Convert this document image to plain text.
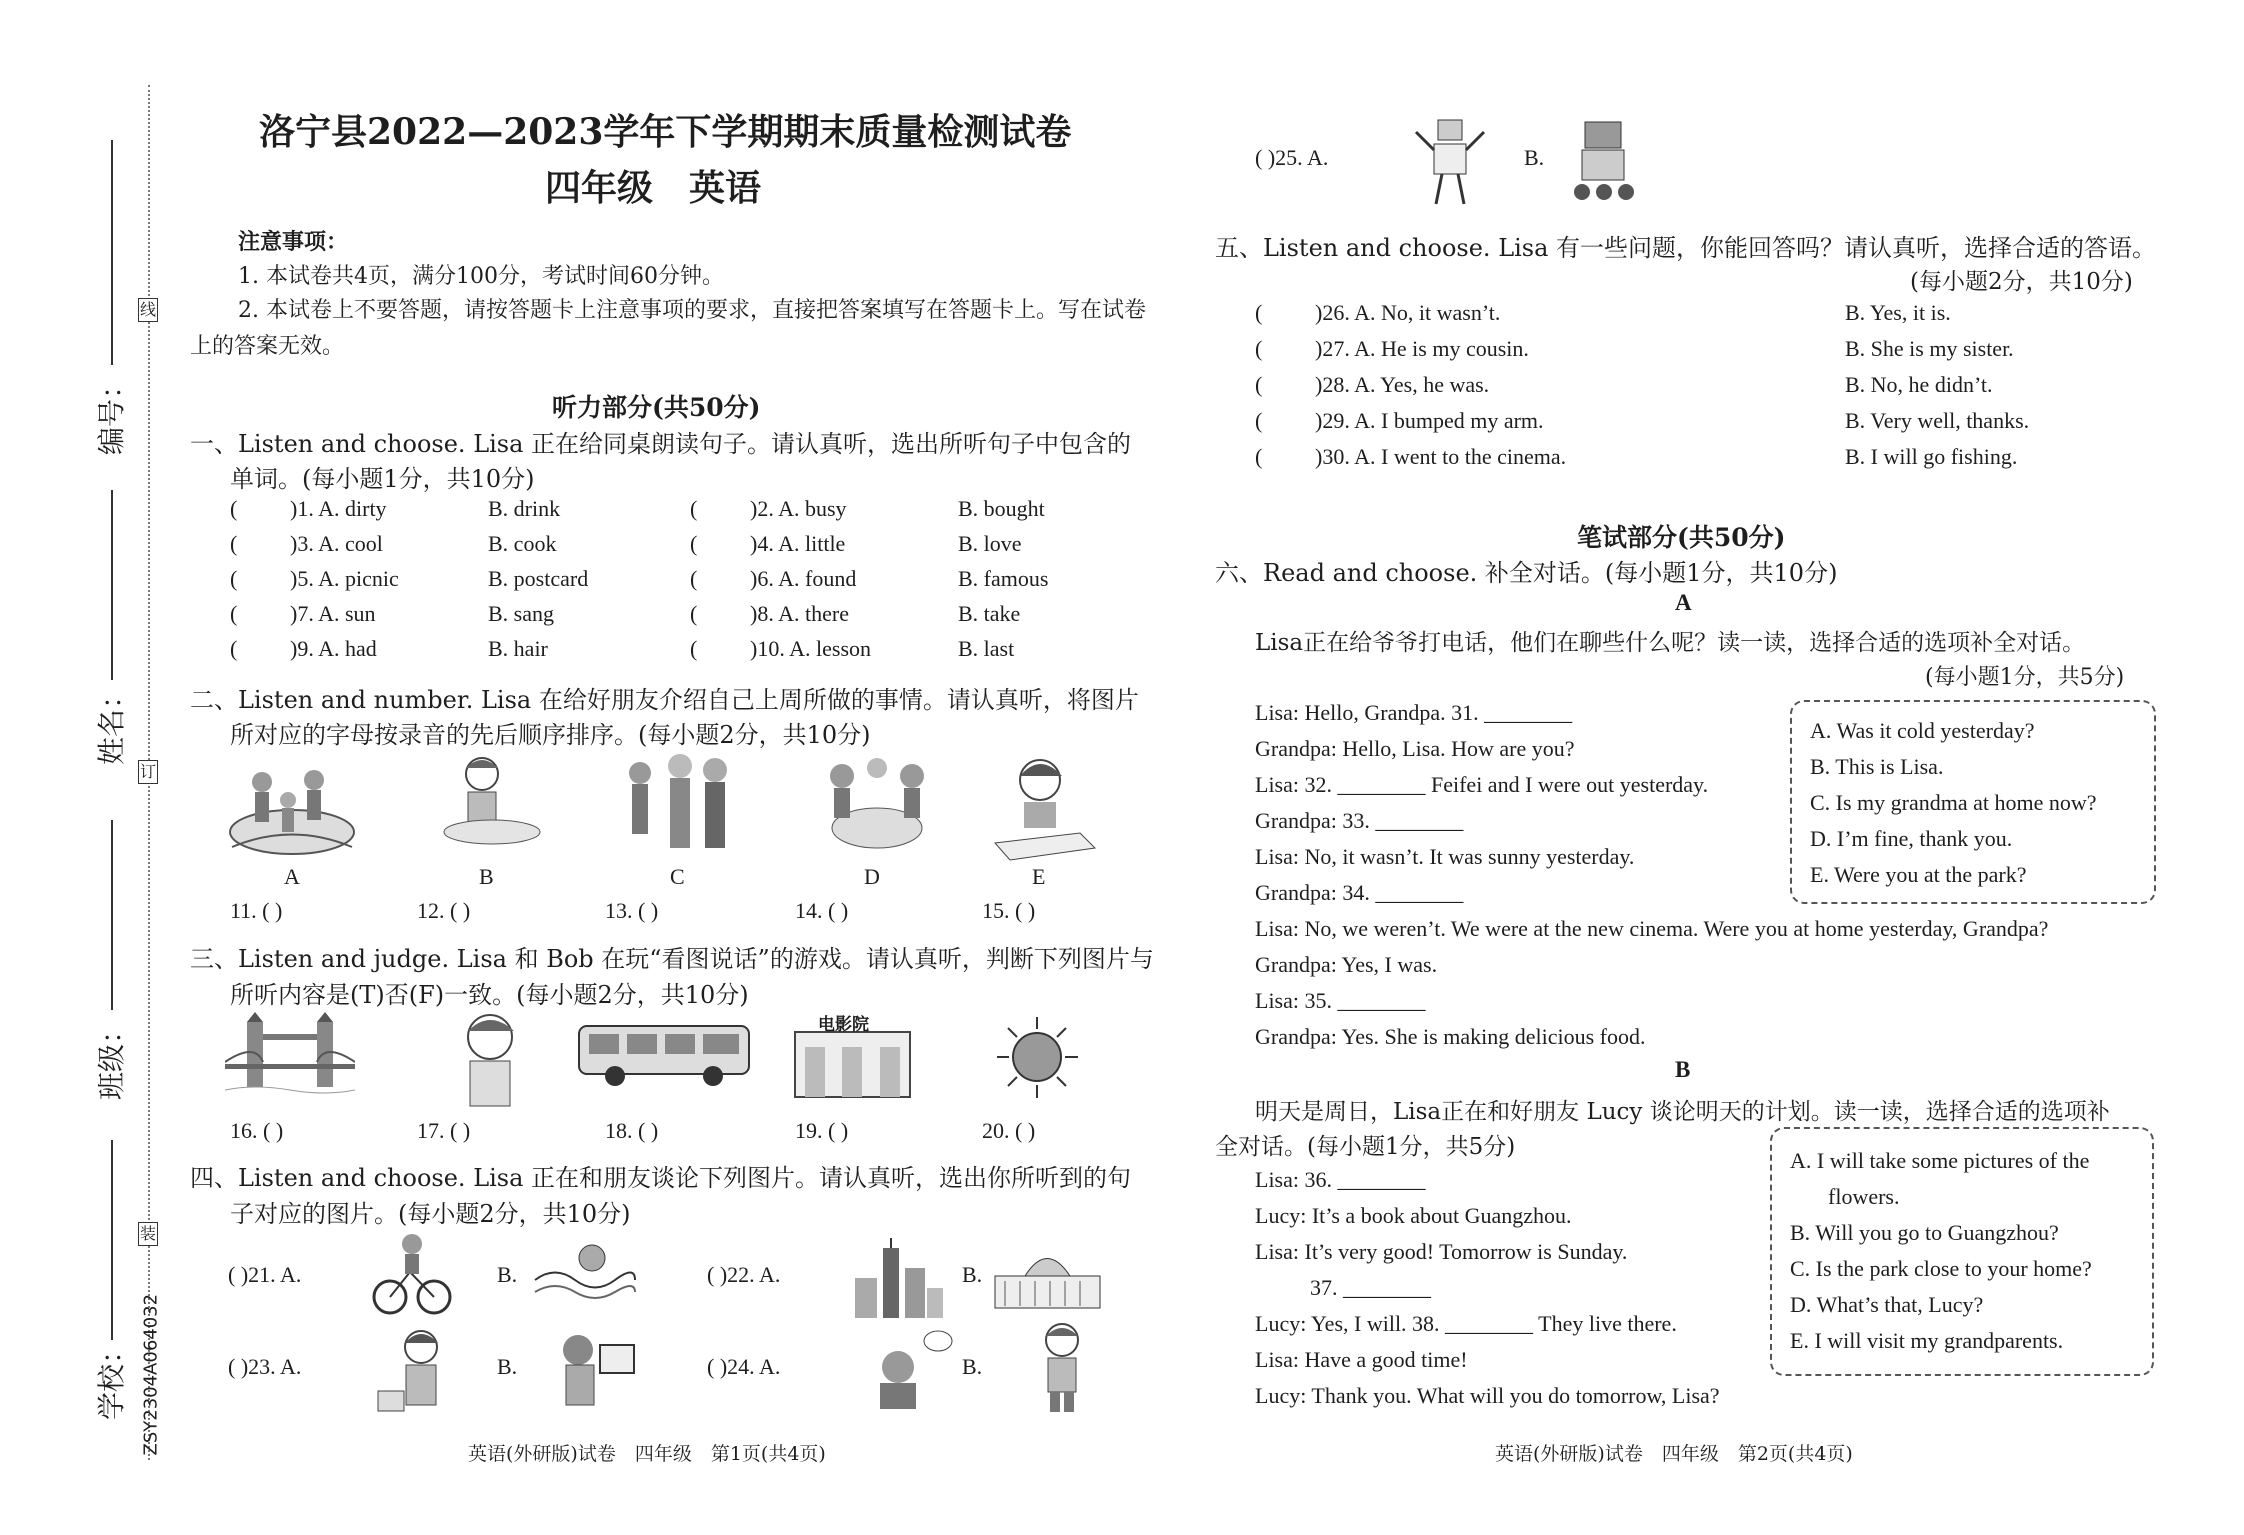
学校：
班级：
姓名：
编号：
ZSY2304A064032
线
订
装
洛宁县2022—2023学年下学期期末质量检测试卷
四年级　英语
注意事项：
1. 本试卷共4页，满分100分，考试时间60分钟。
2. 本试卷上不要答题，请按答题卡上注意事项的要求，直接把答案填写在答题卡上。写在试卷
上的答案无效。
听力部分(共50分)
一、Listen and choose. Lisa 正在给同桌朗读句子。请认真听，选出所听句子中包含的
单词。(每小题1分，共10分)
( )1. A. dirty	B. drink	( )2. A. busy	B. bought
( )3. A. cool	B. cook	( )4. A. little	B. love
( )5. A. picnic	B. postcard	( )6. A. found	B. famous
( )7. A. sun	B. sang	( )8. A. there	B. take
( )9. A. had	B. hair	( )10. A. lesson	B. last
二、Listen and number. Lisa 在给好朋友介绍自己上周所做的事情。请认真听，将图片
所对应的字母按录音的先后顺序排序。(每小题2分，共10分)
A	B	C	D	E
11. ( )	12. ( )	13. ( )	14. ( )	15. ( )
三、Listen and judge. Lisa 和 Bob 在玩“看图说话”的游戏。请认真听，判断下列图片与
所听内容是(T)否(F)一致。(每小题2分，共10分)
电影院
16. ( )	17. ( )	18. ( )	19. ( )	20. ( )
四、Listen and choose. Lisa 正在和朋友谈论下列图片。请认真听，选出你所听到的句
子对应的图片。(每小题2分，共10分)
( )21. A.	B.	( )22. A.	B.
( )23. A.	B.	( )24. A.	B.
英语(外研版)试卷　四年级　第1页(共4页)
( )25. A.	B.
五、Listen and choose. Lisa 有一些问题，你能回答吗？请认真听，选择合适的答语。
(每小题2分，共10分)
( )26. A. No, it wasn’t.	B. Yes, it is.
( )27. A. He is my cousin.	B. She is my sister.
( )28. A. Yes, he was.	B. No, he didn’t.
( )29. A. I bumped my arm.	B. Very well, thanks.
( )30. A. I went to the cinema.	B. I will go fishing.
笔试部分(共50分)
六、Read and choose. 补全对话。(每小题1分，共10分)
A
Lisa正在给爷爷打电话，他们在聊些什么呢？读一读，选择合适的选项补全对话。
(每小题1分，共5分)
Lisa: Hello, Grandpa. 31. ________
Grandpa: Hello, Lisa. How are you?
Lisa: 32. ________ Feifei and I were out yesterday.
Grandpa: 33. ________
Lisa: No, it wasn’t. It was sunny yesterday.
Grandpa: 34. ________
Lisa: No, we weren’t. We were at the new cinema. Were you at home yesterday, Grandpa?
Grandpa: Yes, I was.
Lisa: 35. ________
Grandpa: Yes. She is making delicious food.
A. Was it cold yesterday?
B. This is Lisa.
C. Is my grandma at home now?
D. I’m fine, thank you.
E. Were you at the park?
B
明天是周日，Lisa正在和好朋友 Lucy 谈论明天的计划。读一读，选择合适的选项补
全对话。(每小题1分，共5分)
Lisa: 36. ________
Lucy: It’s a book about Guangzhou.
Lisa: It’s very good! Tomorrow is Sunday.
37. ________
Lucy: Yes, I will. 38. ________ They live there.
Lisa: Have a good time!
Lucy: Thank you. What will you do tomorrow, Lisa?
A. I will take some pictures of the
flowers.
B. Will you go to Guangzhou?
C. Is the park close to your home?
D. What’s that, Lucy?
E. I will visit my grandparents.
英语(外研版)试卷　四年级　第2页(共4页)
